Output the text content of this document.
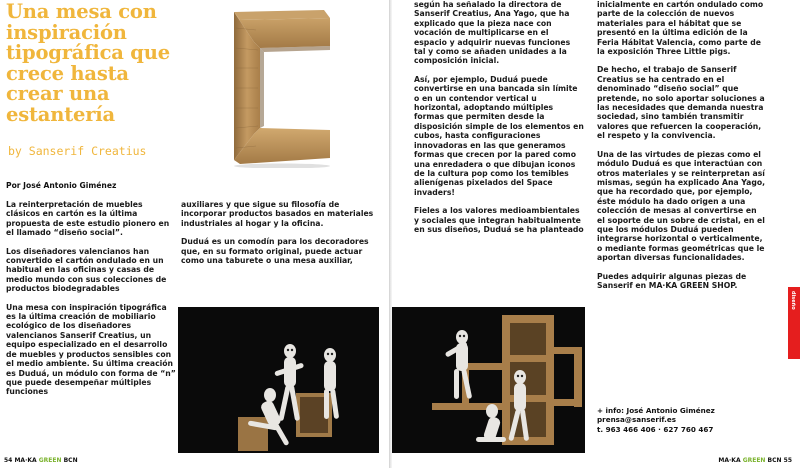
Una mesa con inspiración tipográfica que crece hasta crear una estantería
by Sanserif Creatius
Por José Antonio Giménez

La reinterpretación de muebles clásicos en cartón es la última propuesta de este estudio pionero en el llamado “diseño social”.

Los diseñadores valencianos han convertido el cartón ondulado en un habitual en las oficinas y casas de medio mundo con sus colecciones de productos biodegradables

Una mesa con inspiración tipográfica es la última creación de mobiliario ecológico de los diseñadores valencianos Sanserif Creatius, un equipo especializado en el desarrollo de muebles y productos sensibles con el medio ambiente. Su última creación es Duduá, un módulo con forma de “n” que puede desempeñar múltiples funciones

auxiliares y que sigue su filosofía de incorporar productos basados en materiales industriales al hogar y la oficina.

Duduá es un comodín para los decoradores que, en su formato original, puede actuar como una taburete o una mesa auxiliar,

54 MA·KA GREEN BCN

según ha señalado la directora de Sanserif Creatius, Ana Yago, que ha explicado que la pieza nace con vocación de multiplicarse en el espacio y adquirir nuevas funciones tal y como se añaden unidades a la composición inicial.

Así, por ejemplo, Duduá puede convertirse en una bancada sin límite o en un contendor vertical u horizontal, adoptando múltiples formas que permiten desde la disposición simple de los elementos en cubos, hasta configuraciones innovadoras en las que generamos formas que crecen por la pared como una enredadera o que dibujan iconos de la cultura pop como los temibles alienígenas pixelados del Space invaders!

Fieles a los valores medioambientales y sociales que integran habitualmente en sus diseños, Duduá se ha planteado

inicialmente en cartón ondulado como parte de la colección de nuevos materiales para el hábitat que se presentó en la última edición de la Feria Hábitat Valencia, como parte de la exposición Three Little pigs.

De hecho, el trabajo de Sanserif Creatius se ha centrado en el denominado “diseño social” que pretende, no solo aportar soluciones a las necesidades que demanda nuestra sociedad, sino también transmitir valores que refuercen la cooperación, el respeto y la convivencia.

Una de las virtudes de piezas como el módulo Duduá es que interactúan con otros materiales y se reinterpretan así mismas, según ha explicado Ana Yago, que ha recordado que, por ejemplo, éste módulo ha dado origen a una colección de mesas al convertirse en el soporte de un sobre de cristal, en el que los módulos Duduá pueden integrarse horizontal o verticalmente, o mediante formas geométricas que le aportan diversas funcionalidades.

Puedes adquirir algunas piezas de Sanserif en MA·KA GREEN SHOP.

+ info: José Antonio Giménez
prensa@sanserif.es
t. 963 466 406 · 627 760 467
diseño
MA·KA GREEN BCN 55
